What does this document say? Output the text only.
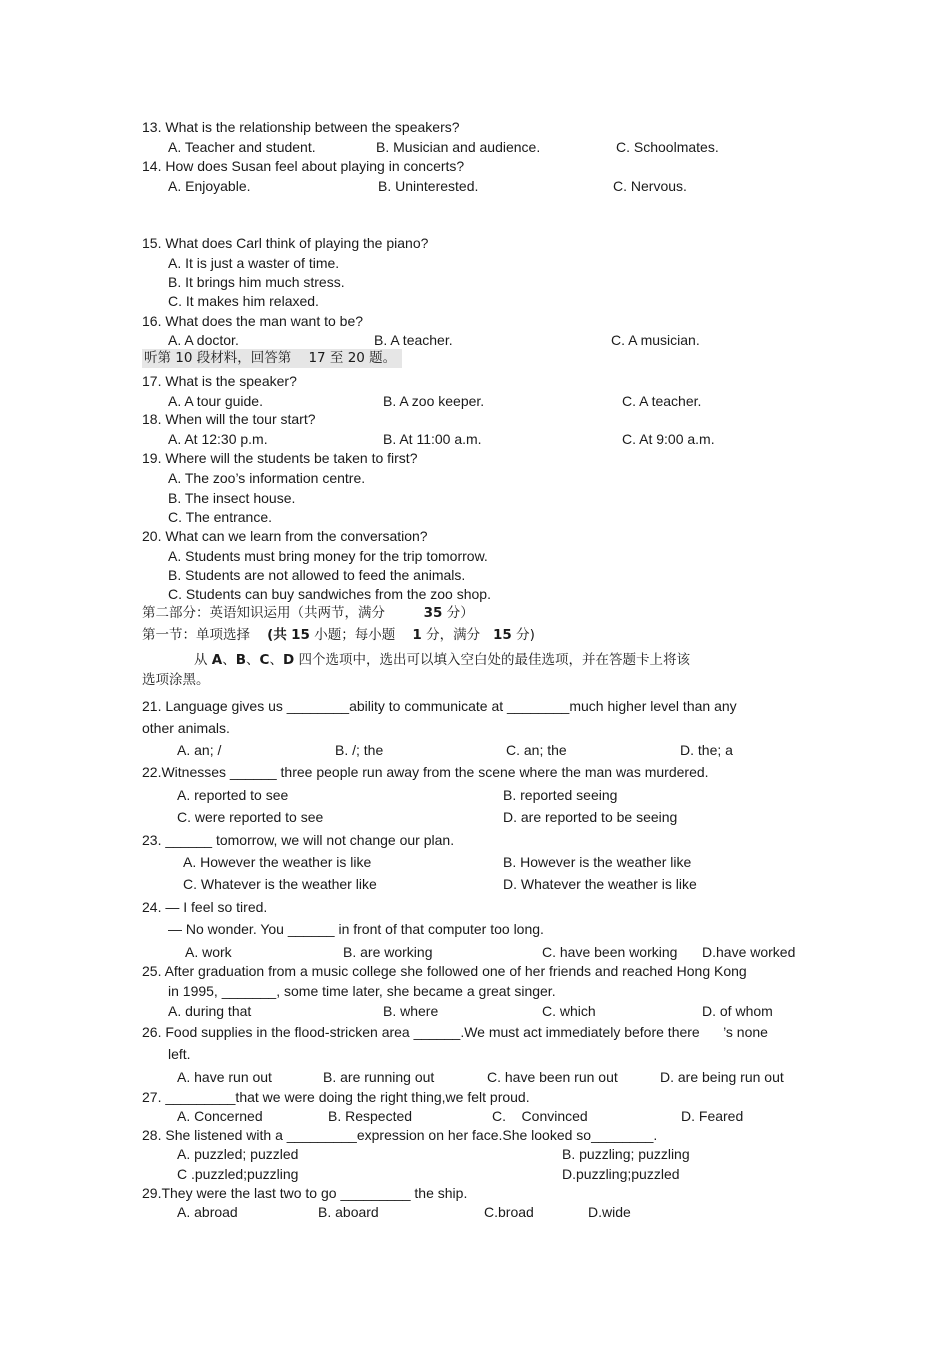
13. What is the relationship between the speakers?
A. Teacher and student.	B. Musician and audience.	C. Schoolmates.
14. How does Susan feel about playing in concerts?
A. Enjoyable.	B. Uninterested.	C. Nervous.
15. What does Carl think of playing the piano?
A. It is just a waster of time.
B. It brings him much stress.
C. It makes him relaxed.
16. What does the man want to be?
A. A doctor.	B. A teacher.	C. A musician.
听第 10 段材料，回答第 17 至 20 题。
17. What is the speaker?
A. A tour guide.	B. A zoo keeper.	C. A teacher.
18. When will the tour start?
A. At 12:30 p.m.	B. At 11:00 a.m.	C. At 9:00 a.m.
19. Where will the students be taken to first?
A. The zoo’s information centre.
B. The insect house.
C. The entrance.
20. What can we learn from the conversation?
A. Students must bring money for the trip tomorrow.
B. Students are not allowed to feed the animals.
C. Students can buy sandwiches from the zoo shop.
第二部分：英语知识运用（共两节，满分	35 分）
第一节：单项选择 (共 15 小题；每小题 1 分，满分 15 分)
从 A、B、C、D 四个选项中，选出可以填入空白处的最佳选项，并在答题卡上将该
选项涂黑。
21. Language gives us ________ability to communicate at ________much higher level than any
other animals.
A. an; /	B. /; the	C. an; the	D. the; a
22.Witnesses ______ three people run away from the scene where the man was murdered.
A. reported to see	B. reported seeing
C. were reported to see	D. are reported to be seeing
23. ______ tomorrow, we will not change our plan.
A. However the weather is like	B. However is the weather like
C. Whatever is the weather like	D. Whatever the weather is like
24. — I feel so tired.
— No wonder. You ______ in front of that computer too long.
A. work	B. are working	C. have been working D.have worked
25. After graduation from a music college she followed one of her friends and reached Hong Kong
in 1995, _______, some time later, she became a great singer.
A. during that	B. where	C. which	D. of whom
26. Food supplies in the flood-stricken area ______.We must act immediately before there ’s none
left.
A. have run out	B. are running out	C. have been run out	D. are being run out
27. _________that we were doing the right thing,we felt proud.
A. Concerned	B. Respected	C.    Convinced	D. Feared
28. She listened with a _________expression on her face.She looked so________.
A. puzzled; puzzled	B. puzzling; puzzling
C .puzzled;puzzling	D.puzzling;puzzled
29.They were the last two to go _________ the ship.
A. abroad	B. aboard	C.broad	D.wide
